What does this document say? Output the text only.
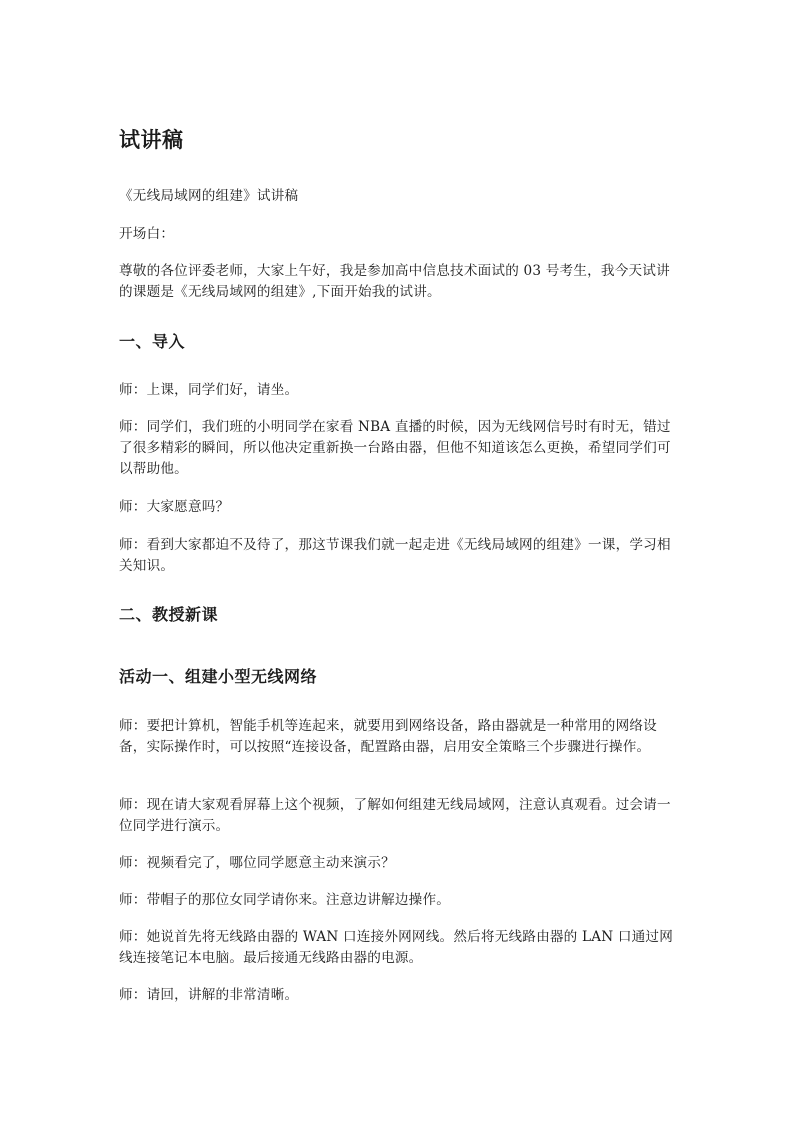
试讲稿

《无线局域网的组建》试讲稿

开场白：

尊敬的各位评委老师，大家上午好，我是参加高中信息技术面试的 03 号考生，我今天试讲的课题是《无线局域网的组建》,下面开始我的试讲。

一、导入

师：上课，同学们好，请坐。

师：同学们，我们班的小明同学在家看 NBA 直播的时候，因为无线网信号时有时无，错过了很多精彩的瞬间，所以他决定重新换一台路由器，但他不知道该怎么更换，希望同学们可以帮助他。

师：大家愿意吗？

师：看到大家都迫不及待了，那这节课我们就一起走进《无线局域网的组建》一课，学习相关知识。

二、教授新课
活动一、组建小型无线网络

师：要把计算机，智能手机等连起来，就要用到网络设备，路由器就是一种常用的网络设备，实际操作时，可以按照“连接设备，配置路由器，启用安全策略三个步骤进行操作。

师：现在请大家观看屏幕上这个视频，了解如何组建无线局域网，注意认真观看。过会请一位同学进行演示。

师：视频看完了，哪位同学愿意主动来演示？

师：带帽子的那位女同学请你来。注意边讲解边操作。

师：她说首先将无线路由器的 WAN 口连接外网网线。然后将无线路由器的 LAN 口通过网线连接笔记本电脑。最后接通无线路由器的电源。

师：请回，讲解的非常清晰。
